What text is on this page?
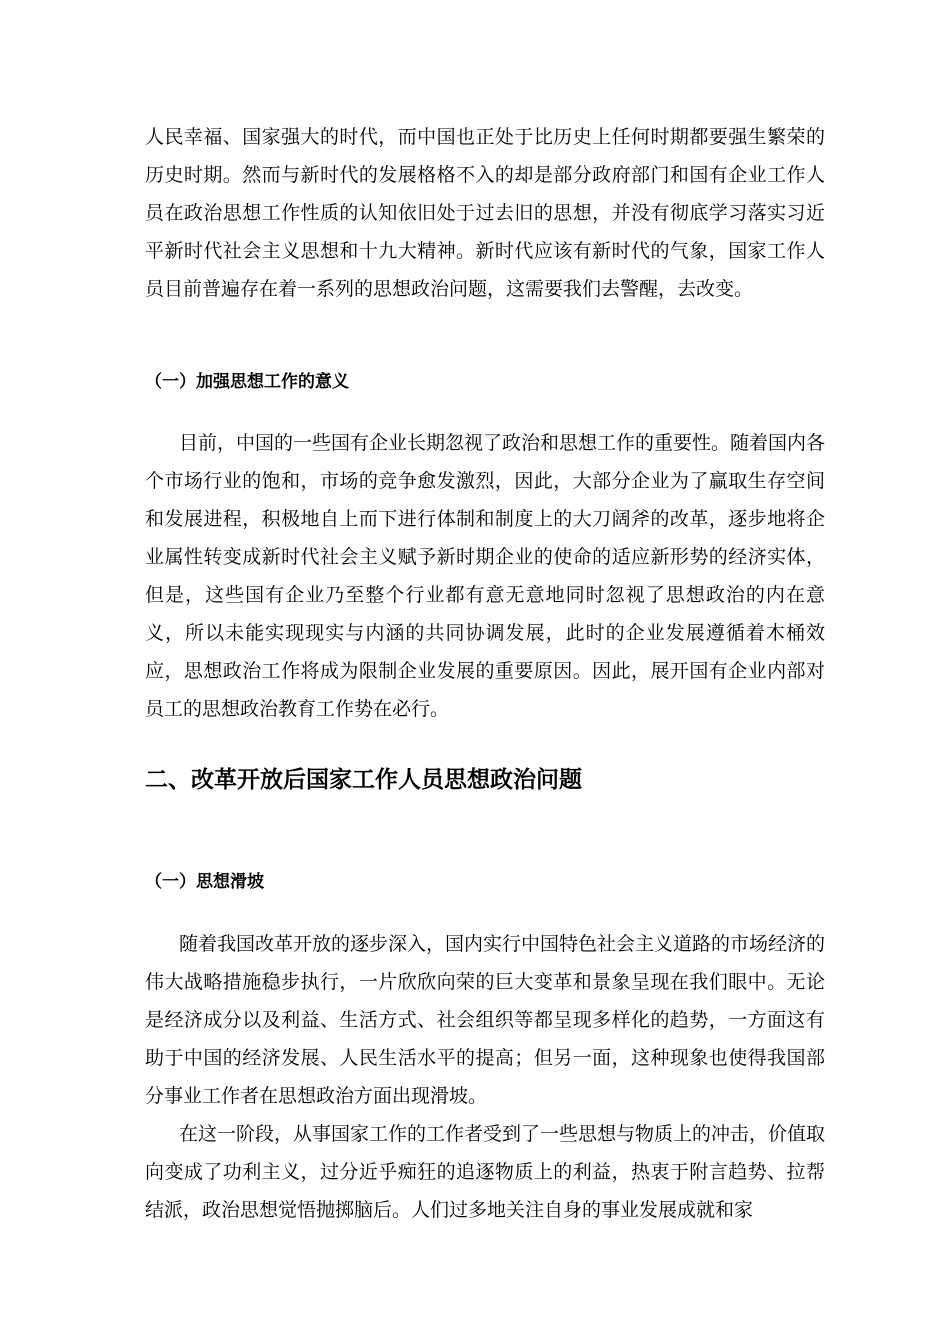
人民幸福、国家强大的时代，而中国也正处于比历史上任何时期都要强生繁荣的历史时期。然而与新时代的发展格格不入的却是部分政府部门和国有企业工作人员在政治思想工作性质的认知依旧处于过去旧的思想，并没有彻底学习落实习近平新时代社会主义思想和十九大精神。新时代应该有新时代的气象，国家工作人员目前普遍存在着一系列的思想政治问题，这需要我们去警醒，去改变。

（一）加强思想工作的意义

目前，中国的一些国有企业长期忽视了政治和思想工作的重要性。随着国内各个市场行业的饱和，市场的竞争愈发激烈，因此，大部分企业为了赢取生存空间和发展进程，积极地自上而下进行体制和制度上的大刀阔斧的改革，逐步地将企业属性转变成新时代社会主义赋予新时期企业的使命的适应新形势的经济实体，但是，这些国有企业乃至整个行业都有意无意地同时忽视了思想政治的内在意义，所以未能实现现实与内涵的共同协调发展，此时的企业发展遵循着木桶效应，思想政治工作将成为限制企业发展的重要原因。因此，展开国有企业内部对员工的思想政治教育工作势在必行。

二、改革开放后国家工作人员思想政治问题
（一）思想滑坡

随着我国改革开放的逐步深入，国内实行中国特色社会主义道路的市场经济的伟大战略措施稳步执行，一片欣欣向荣的巨大变革和景象呈现在我们眼中。无论是经济成分以及利益、生活方式、社会组织等都呈现多样化的趋势，一方面这有助于中国的经济发展、人民生活水平的提高；但另一面，这种现象也使得我国部分事业工作者在思想政治方面出现滑坡。

在这一阶段，从事国家工作的工作者受到了一些思想与物质上的冲击，价值取向变成了功利主义，过分近乎痴狂的追逐物质上的利益，热衷于附言趋势、拉帮结派，政治思想觉悟抛掷脑后。人们过多地关注自身的事业发展成就和家
